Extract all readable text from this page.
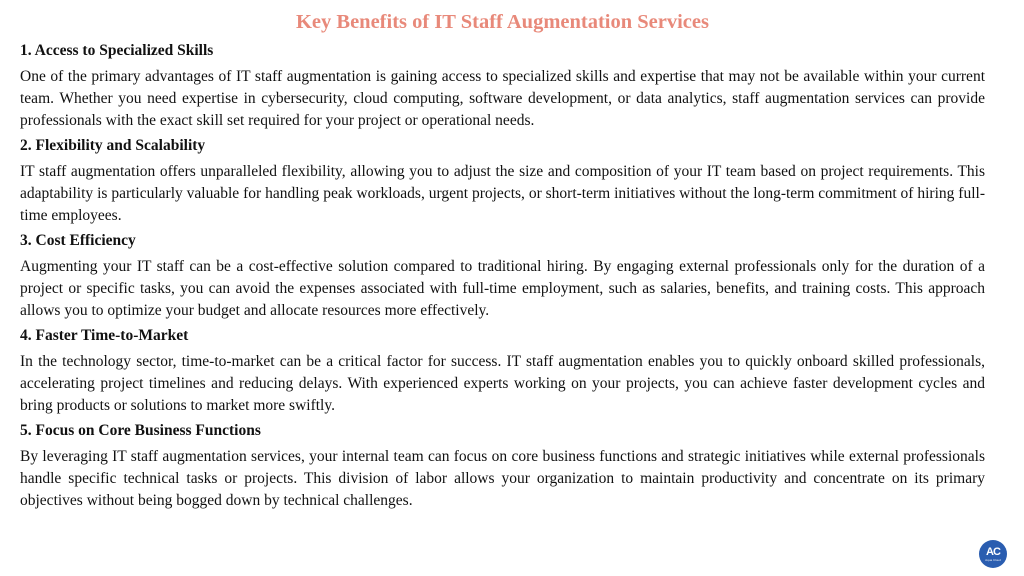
Key Benefits of IT Staff Augmentation Services
1. Access to Specialized Skills

One of the primary advantages of IT staff augmentation is gaining access to specialized skills and expertise that may not be available within your current team. Whether you need expertise in cybersecurity, cloud computing, software development, or data analytics, staff augmentation services can provide professionals with the exact skill set required for your project or operational needs.

2. Flexibility and Scalability

IT staff augmentation offers unparalleled flexibility, allowing you to adjust the size and composition of your IT team based on project requirements. This adaptability is particularly valuable for handling peak workloads, urgent projects, or short-term initiatives without the long-term commitment of hiring full-time employees.

3. Cost Efficiency

Augmenting your IT staff can be a cost-effective solution compared to traditional hiring. By engaging external professionals only for the duration of a project or specific tasks, you can avoid the expenses associated with full-time employment, such as salaries, benefits, and training costs. This approach allows you to optimize your budget and allocate resources more effectively.

4. Faster Time-to-Market

In the technology sector, time-to-market can be a critical factor for success. IT staff augmentation enables you to quickly onboard skilled professionals, accelerating project timelines and reducing delays. With experienced experts working on your projects, you can achieve faster development cycles and bring products or solutions to market more swiftly.

5. Focus on Core Business Functions

By leveraging IT staff augmentation services, your internal team can focus on core business functions and strategic initiatives while external professionals handle specific technical tasks or projects. This division of labor allows your organization to maintain productivity and concentrate on its primary objectives without being bogged down by technical challenges.

AC
Aqua Cloud
